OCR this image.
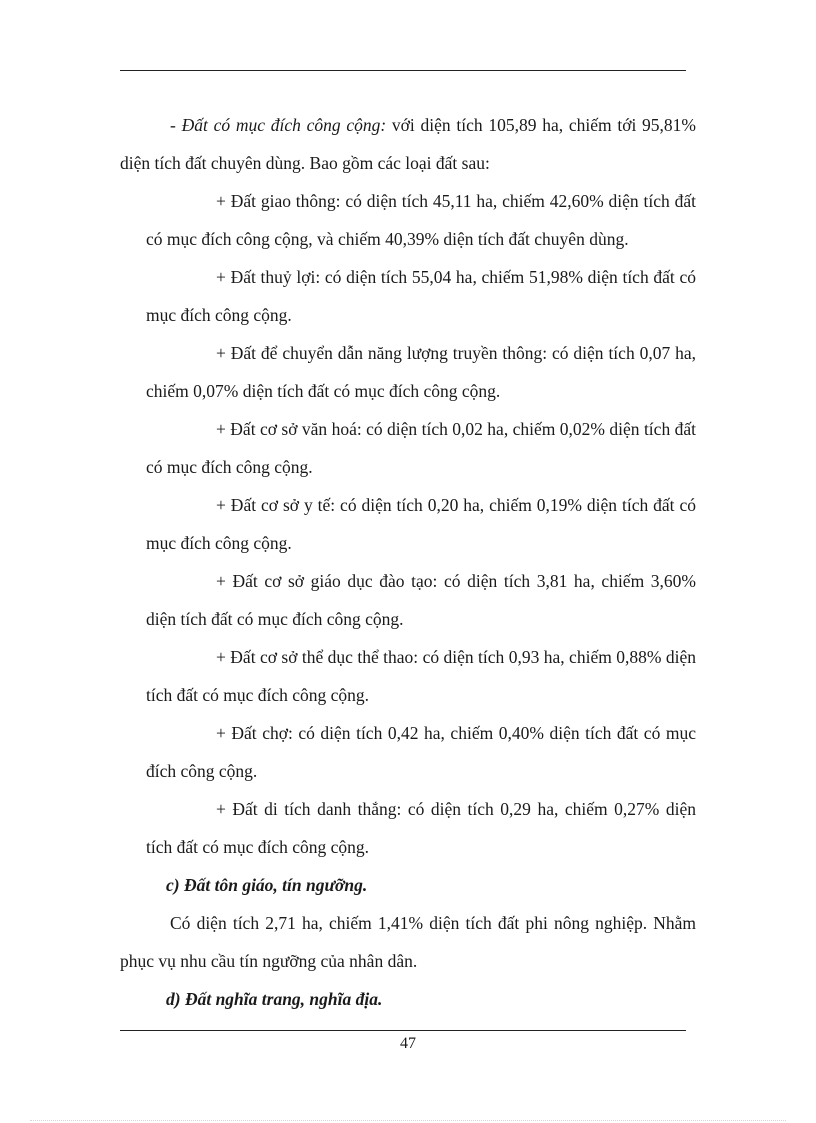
- Đất có mục đích công cộng: với diện tích 105,89 ha, chiếm tới 95,81% diện tích đất chuyên dùng. Bao gồm các loại đất sau:

+ Đất giao thông: có diện tích 45,11 ha, chiếm 42,60% diện tích đất có mục đích công cộng, và chiếm 40,39% diện tích đất chuyên dùng.

+ Đất thuỷ lợi: có diện tích 55,04 ha, chiếm 51,98% diện tích đất có mục đích công cộng.

+ Đất để chuyển dẫn năng lượng truyền thông: có diện tích 0,07 ha, chiếm 0,07% diện tích đất có mục đích công cộng.

+ Đất cơ sở văn hoá: có diện tích 0,02 ha, chiếm 0,02% diện tích đất có mục đích công cộng.

+ Đất cơ sở y tế: có diện tích 0,20 ha, chiếm 0,19% diện tích đất có mục đích công cộng.

+ Đất cơ sở giáo dục đào tạo: có diện tích 3,81 ha, chiếm 3,60% diện tích đất có mục đích công cộng.

+ Đất cơ sở thể dục thể thao: có diện tích 0,93 ha, chiếm 0,88% diện tích đất có mục đích công cộng.

+ Đất chợ: có diện tích 0,42 ha, chiếm 0,40% diện tích đất có mục đích công cộng.

+ Đất di tích danh thắng: có diện tích 0,29 ha, chiếm 0,27% diện tích đất có mục đích công cộng.

c) Đất tôn giáo, tín ngưỡng.

Có diện tích 2,71 ha, chiếm 1,41% diện tích đất phi nông nghiệp. Nhằm phục vụ nhu cầu tín ngưỡng của nhân dân.

d) Đất nghĩa trang, nghĩa địa.

47
